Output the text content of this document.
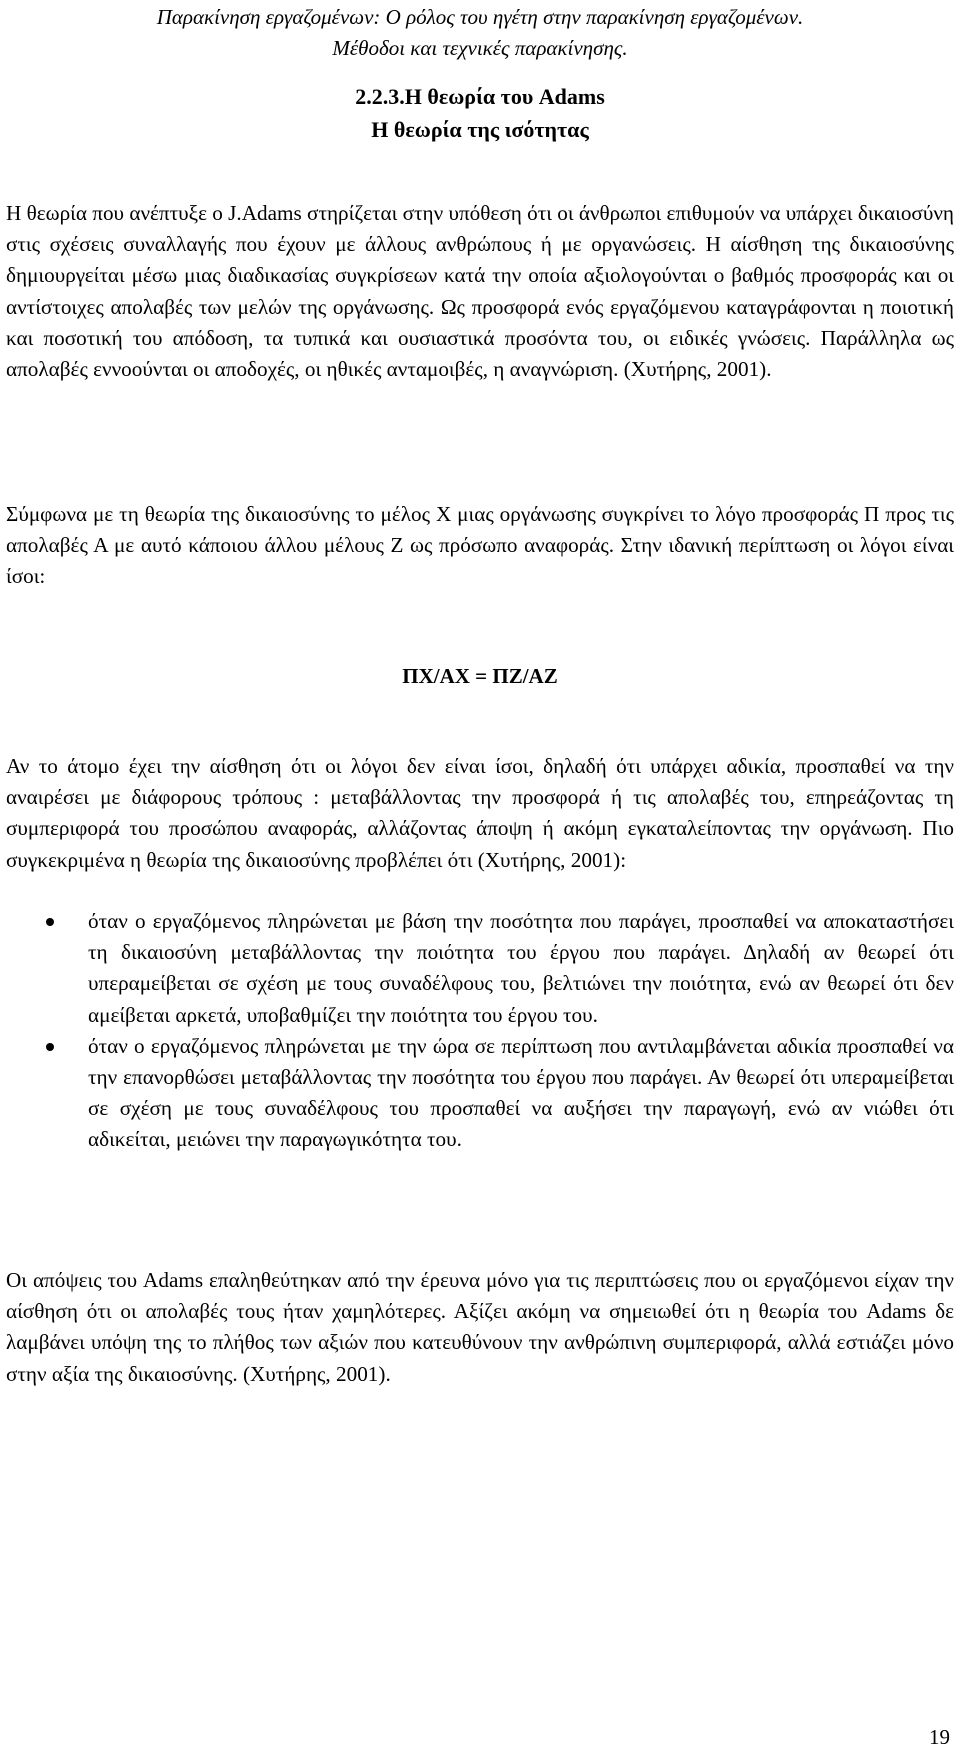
Παρακίνηση εργαζομένων: Ο ρόλος του ηγέτη στην παρακίνηση εργαζομένων.
Μέθοδοι και τεχνικές παρακίνησης.
2.2.3.Η θεωρία του Adams
Η θεωρία της ισότητας

Η θεωρία που ανέπτυξε ο J.Adams στηρίζεται στην υπόθεση ότι οι άνθρωποι επιθυμούν να υπάρχει δικαιοσύνη στις σχέσεις συναλλαγής που έχουν με άλλους ανθρώπους ή με οργανώσεις. Η αίσθηση της δικαιοσύνης δημιουργείται μέσω μιας διαδικασίας συγκρίσεων κατά την οποία αξιολογούνται ο βαθμός προσφοράς και οι αντίστοιχες απολαβές των μελών της οργάνωσης. Ως προσφορά ενός εργαζόμενου καταγράφονται η ποιοτική και ποσοτική του απόδοση, τα τυπικά και ουσιαστικά προσόντα του, οι ειδικές γνώσεις. Παράλληλα ως απολαβές εννοούνται οι αποδοχές, οι ηθικές ανταμοιβές, η αναγνώριση. (Χυτήρης, 2001).

Σύμφωνα με τη θεωρία της δικαιοσύνης το μέλος Χ μιας οργάνωσης συγκρίνει το λόγο προσφοράς Π προς τις απολαβές Α με αυτό κάποιου άλλου μέλους Ζ ως πρόσωπο αναφοράς. Στην ιδανική περίπτωση οι λόγοι είναι ίσοι:

ΠΧ/ΑΧ = ΠΖ/ΑΖ

Αν το άτομο έχει την αίσθηση ότι οι λόγοι δεν είναι ίσοι, δηλαδή ότι υπάρχει αδικία, προσπαθεί να την αναιρέσει με διάφορους τρόπους : μεταβάλλοντας την προσφορά ή τις απολαβές του, επηρεάζοντας τη συμπεριφορά του προσώπου αναφοράς, αλλάζοντας άποψη ή ακόμη εγκαταλείποντας την οργάνωση. Πιο συγκεκριμένα η θεωρία της δικαιοσύνης προβλέπει ότι (Χυτήρης, 2001):

όταν ο εργαζόμενος πληρώνεται με βάση την ποσότητα που παράγει, προσπαθεί να αποκαταστήσει τη δικαιοσύνη μεταβάλλοντας την ποιότητα του έργου που παράγει. Δηλαδή αν θεωρεί ότι υπεραμείβεται σε σχέση με τους συναδέλφους του, βελτιώνει την ποιότητα, ενώ αν θεωρεί ότι δεν αμείβεται αρκετά, υποβαθμίζει την ποιότητα του έργου του.
όταν ο εργαζόμενος πληρώνεται με την ώρα σε περίπτωση που αντιλαμβάνεται αδικία προσπαθεί να την επανορθώσει μεταβάλλοντας την ποσότητα του έργου που παράγει. Αν θεωρεί ότι υπεραμείβεται σε σχέση με τους συναδέλφους του προσπαθεί να αυξήσει την παραγωγή, ενώ αν νιώθει ότι αδικείται, μειώνει την παραγωγικότητα του.

Οι απόψεις του Adams επαληθεύτηκαν από την έρευνα μόνο για τις περιπτώσεις που οι εργαζόμενοι είχαν την αίσθηση ότι οι απολαβές τους ήταν χαμηλότερες. Αξίζει ακόμη να σημειωθεί ότι η θεωρία του Adams δε λαμβάνει υπόψη της το πλήθος των αξιών που κατευθύνουν την ανθρώπινη συμπεριφορά, αλλά εστιάζει μόνο στην αξία της δικαιοσύνης. (Χυτήρης, 2001).

19
